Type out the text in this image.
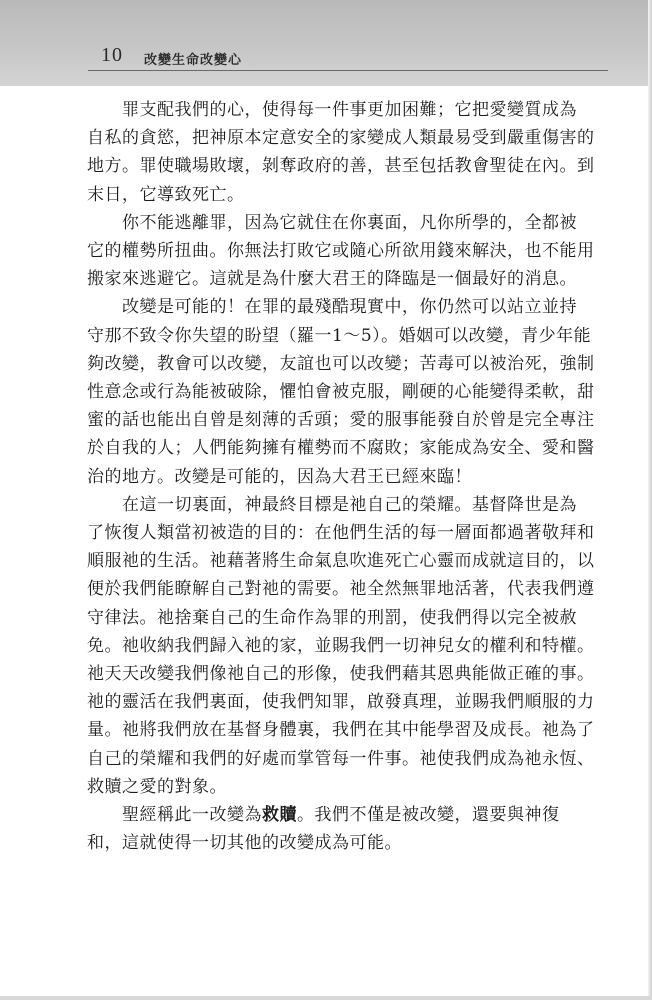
10 改變生命改變心
罪支配我們的心，使得每一件事更加困難；它把愛變質成為
自私的貪慾，把神原本定意安全的家變成人類最易受到嚴重傷害的
地方。罪使職場敗壞，剝奪政府的善，甚至包括教會聖徒在內。到
末日，它導致死亡。
你不能逃離罪，因為它就住在你裏面，凡你所學的，全都被
它的權勢所扭曲。你無法打敗它或隨心所欲用錢來解決，也不能用
搬家來逃避它。這就是為什麼大君王的降臨是一個最好的消息。
改變是可能的！在罪的最殘酷現實中，你仍然可以站立並持
守那不致令你失望的盼望（羅一1～5）。婚姻可以改變，青少年能
夠改變，教會可以改變，友誼也可以改變；苦毒可以被治死，強制
性意念或行為能被破除，懼怕會被克服，剛硬的心能變得柔軟，甜
蜜的話也能出自曾是刻薄的舌頭；愛的服事能發自於曾是完全專注
於自我的人；人們能夠擁有權勢而不腐敗；家能成為安全、愛和醫
治的地方。改變是可能的，因為大君王已經來臨！
在這一切裏面，神最終目標是祂自己的榮耀。基督降世是為
了恢復人類當初被造的目的：在他們生活的每一層面都過著敬拜和
順服祂的生活。祂藉著將生命氣息吹進死亡心靈而成就這目的，以
便於我們能瞭解自己對祂的需要。祂全然無罪地活著，代表我們遵
守律法。祂捨棄自己的生命作為罪的刑罰，使我們得以完全被赦
免。祂收納我們歸入祂的家，並賜我們一切神兒女的權利和特權。
祂天天改變我們像祂自己的形像，使我們藉其恩典能做正確的事。
祂的靈活在我們裏面，使我們知罪，啟發真理，並賜我們順服的力
量。祂將我們放在基督身體裏，我們在其中能學習及成長。祂為了
自己的榮耀和我們的好處而掌管每一件事。祂使我們成為祂永恆、
救贖之愛的對象。
聖經稱此一改變為救贖。我們不僅是被改變，還要與神復
和，這就使得一切其他的改變成為可能。
